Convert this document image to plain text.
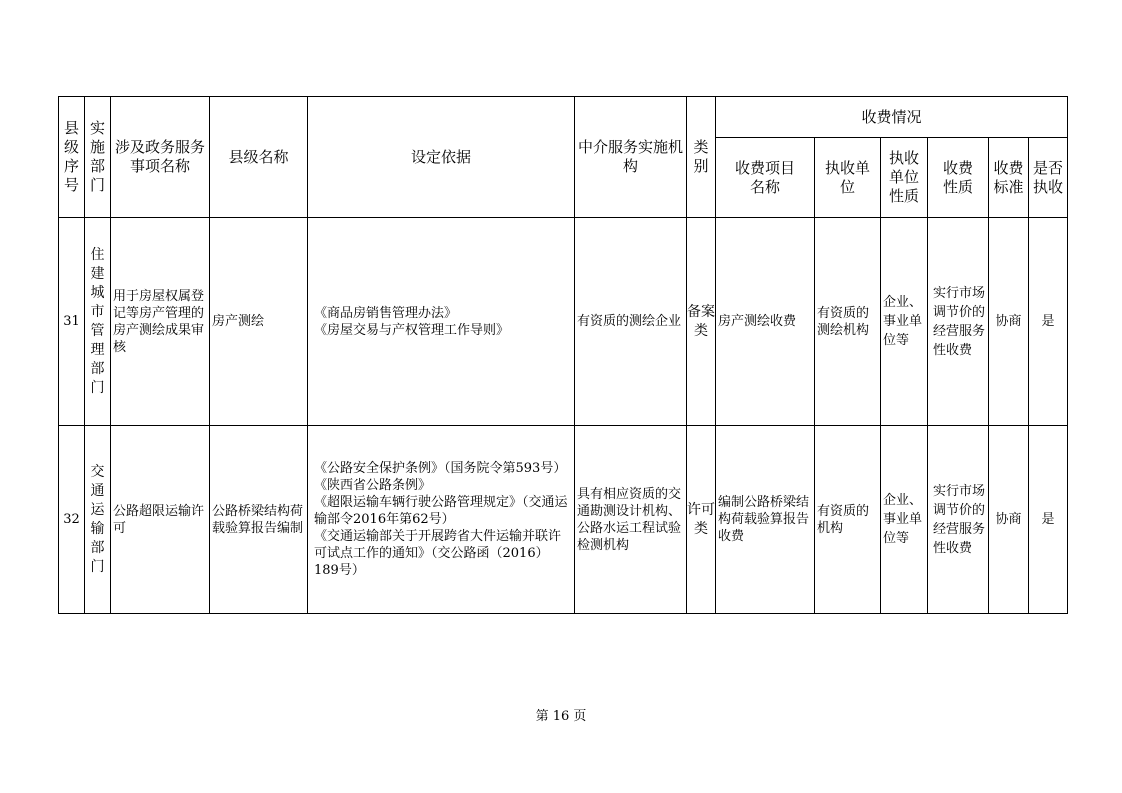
县级序号	实施部门	涉及政务服务事项名称	县级名称	设定依据	中介服务实施机构	类别	收费情况					
							收费项目名称	执收单位	执收单位性质	收费性质	收费标准	是否执收
31	住建城市管理部门	用于房屋权属登记等房产管理的房产测绘成果审核	房产测绘	《商品房销售管理办法》
《房屋交易与产权管理工作导则》	有资质的测绘企业	备案类	房产测绘收费	有资质的测绘机构	企业、事业单位等	实行市场调节价的经营服务性收费	协商	是
32	交通运输部门	公路超限运输许可	公路桥梁结构荷载验算报告编制	《公路安全保护条例》（国务院令第593号）
《陕西省公路条例》
《超限运输车辆行驶公路管理规定》（交通运输部令2016年第62号）
《交通运输部关于开展跨省大件运输并联许可试点工作的通知》（交公路函（2016）189号）	具有相应资质的交通勘测设计机构、公路水运工程试验检测机构	许可类	编制公路桥梁结构荷载验算报告收费	有资质的机构	企业、事业单位等	实行市场调节价的经营服务性收费	协商	是
第 16 页
